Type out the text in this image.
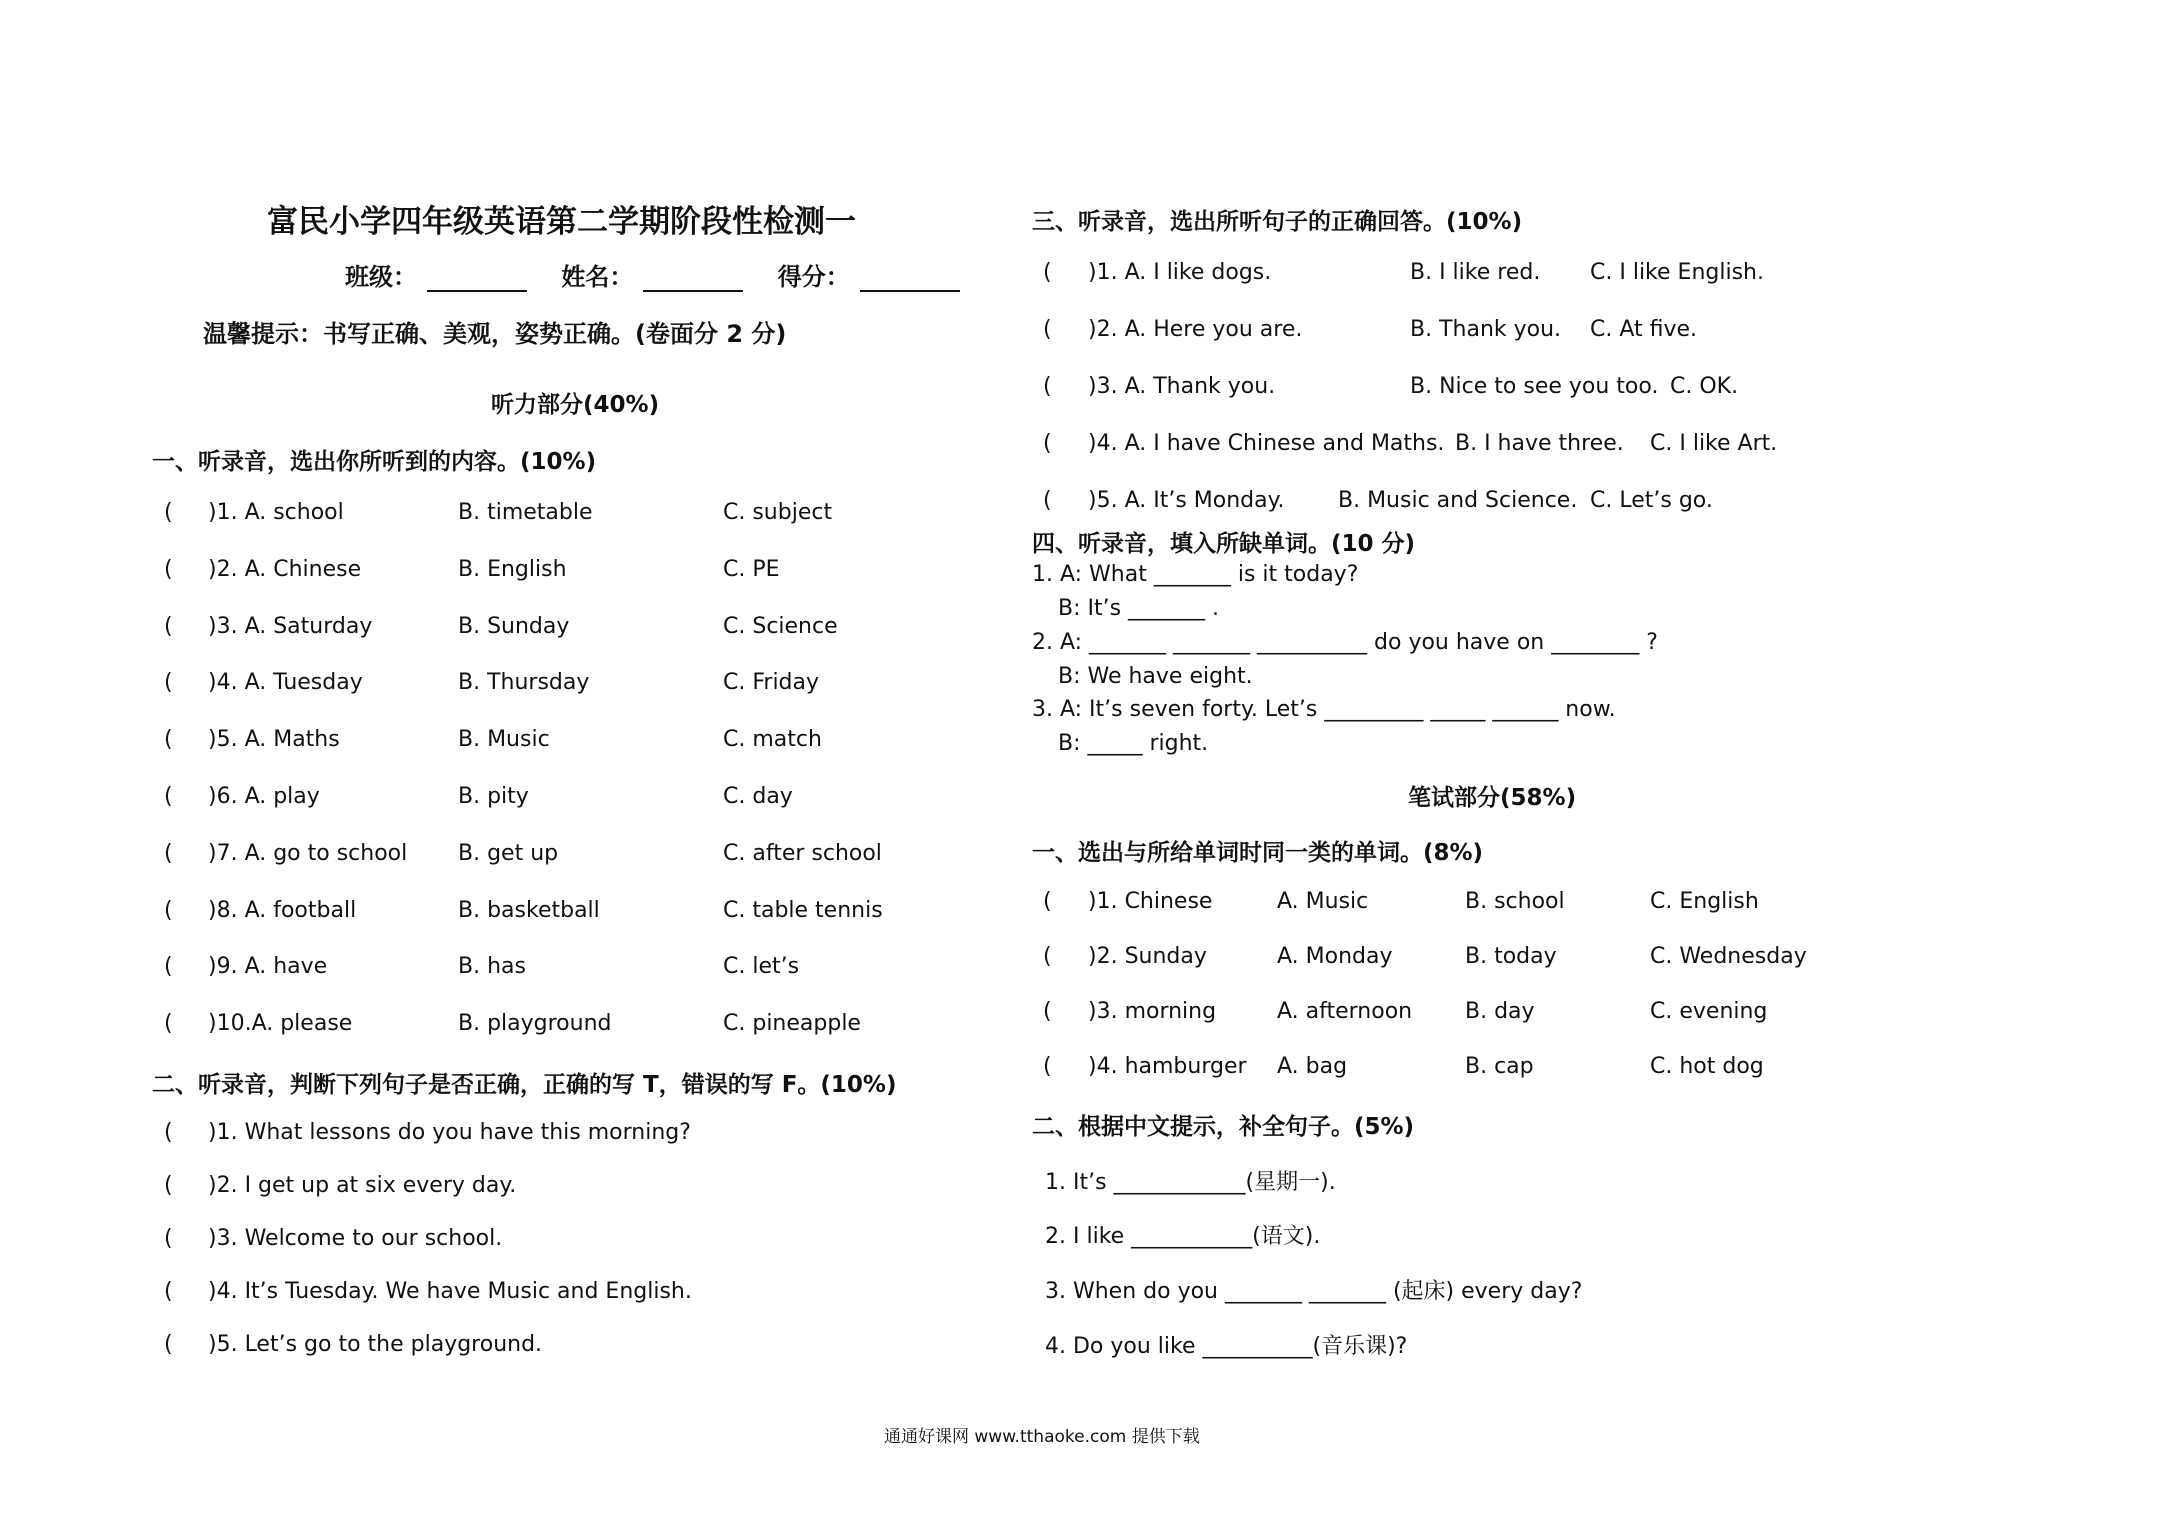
富民小学四年级英语第二学期阶段性检测一
班级：	姓名：	得分：
温馨提示：书写正确、美观，姿势正确。(卷面分 2 分)
听力部分(40%)
一、听录音，选出你所听到的内容。(10%)
( )1. A. school	B. timetable	C. subject
( )2. A. Chinese	B. English	C. PE
( )3. A. Saturday	B. Sunday	C. Science
( )4. A. Tuesday	B. Thursday	C. Friday
( )5. A. Maths	B. Music	C. match
( )6. A. play	B. pity	C. day
( )7. A. go to school B. get up	C. after school
( )8. A. football	B. basketball	C. table tennis
( )9. A. have	B. has	C. let’s
( )10.A. please	B. playground	C. pineapple
二、听录音，判断下列句子是否正确，正确的写 T，错误的写 F。(10%)
( )1. What lessons do you have this morning?
( )2. I get up at six every day.
( )3. Welcome to our school.
( )4. It’s Tuesday. We have Music and English.
( )5. Let’s go to the playground.
三、听录音，选出所听句子的正确回答。(10%)
( )1. A. I like dogs.	B. I like red. C. I like English.
( )2. A. Here you are.	B. Thank you. C. At five.
( )3. A. Thank you.	B. Nice to see you too. C. OK.
( )4. A. I have Chinese and Maths. B. I have three. C. I like Art.
( )5. A. It’s Monday. B. Music and Science. C. Let’s go.
四、听录音，填入所缺单词。(10 分)
1. A: What _______ is it today?
B: It’s _______ .
2. A: _______ _______ __________ do you have on ________ ?
B: We have eight.
3. A: It’s seven forty. Let’s _________ _____ ______ now.
B: _____ right.
笔试部分(58%)
一、选出与所给单词时同一类的单词。(8%)
( )1. Chinese	A. Music	B. school	C. English
( )2. Sunday	A. Monday	B. today	C. Wednesday
( )3. morning	A. afternoon B. day	C. evening
( )4. hamburger A. bag	B. cap	C. hot dog
二、根据中文提示，补全句子。(5%)
1. It’s ____________(星期一).
2. I like ___________(语文).
3. When do you _______ _______ (起床) every day?
4. Do you like __________(音乐课)?
通通好课网 www.tthaoke.com 提供下载
